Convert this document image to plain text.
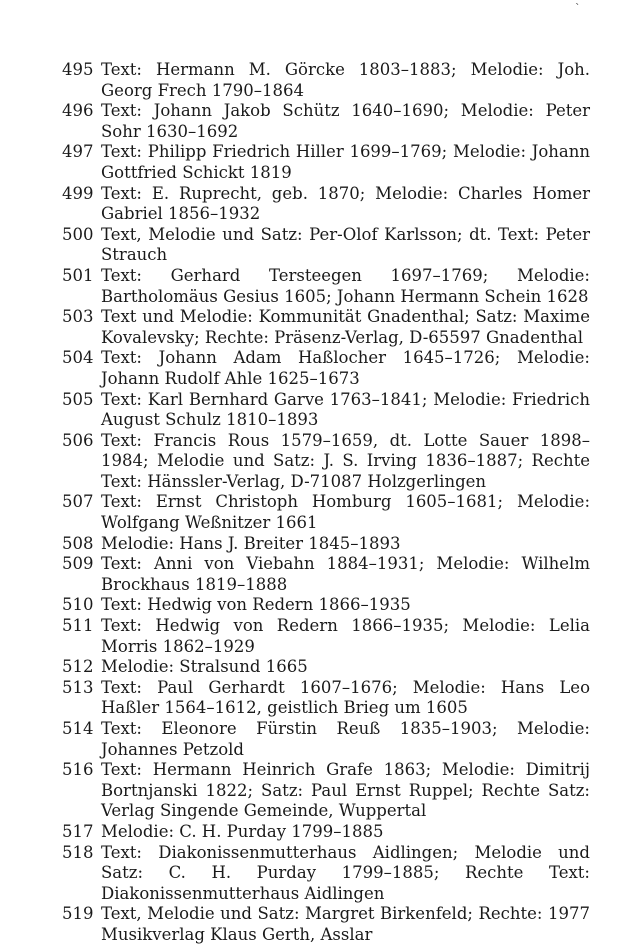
`
495 Text: Hermann M. Görcke 1803–1883; Melodie: Joh. Georg Frech 1790–1864
496 Text: Johann Jakob Schütz 1640–1690; Melodie: Peter Sohr 1630–1692
497 Text: Philipp Friedrich Hiller 1699–1769; Melodie: Johann Gottfried Schickt 1819
499 Text: E. Ruprecht, geb. 1870; Melodie: Charles Homer Gabriel 1856–1932
500 Text, Melodie und Satz: Per-Olof Karlsson; dt. Text: Peter Strauch
501 Text: Gerhard Tersteegen 1697–1769; Melodie: Bartholomäus Gesius 1605; Johann Hermann Schein 1628
503 Text und Melodie: Kommunität Gnadenthal; Satz: Maxime Kovalevsky; Rechte: Präsenz-Verlag, D-65597 Gnadenthal
504 Text: Johann Adam Haßlocher 1645–1726; Melodie: Johann Rudolf Ahle 1625–1673
505 Text: Karl Bernhard Garve 1763–1841; Melodie: Friedrich August Schulz 1810–1893
506 Text: Francis Rous 1579–1659, dt. Lotte Sauer 1898–1984; Melodie und Satz: J. S. Irving 1836–1887; Rechte Text: Hänssler-Verlag, D-71087 Holzgerlingen
507 Text: Ernst Christoph Homburg 1605–1681; Melodie: Wolfgang Weßnitzer 1661
508 Melodie: Hans J. Breiter 1845–1893
509 Text: Anni von Viebahn 1884–1931; Melodie: Wilhelm Brockhaus 1819–1888
510 Text: Hedwig von Redern 1866–1935
511 Text: Hedwig von Redern 1866–1935; Melodie: Lelia Morris 1862–1929
512 Melodie: Stralsund 1665
513 Text: Paul Gerhardt 1607–1676; Melodie: Hans Leo Haßler 1564–1612, geistlich Brieg um 1605
514 Text: Eleonore Fürstin Reuß 1835–1903; Melodie: Johannes Petzold
516 Text: Hermann Heinrich Grafe 1863; Melodie: Dimitrij Bortnjanski 1822; Satz: Paul Ernst Ruppel; Rechte Satz: Verlag Singende Gemeinde, Wuppertal
517 Melodie: C. H. Purday 1799–1885
518 Text: Diakonissenmutterhaus Aidlingen; Melodie und Satz: C. H. Purday 1799–1885; Rechte Text: Diakonissenmutterhaus Aidlingen
519 Text, Melodie und Satz: Margret Birkenfeld; Rechte: 1977 Musikverlag Klaus Gerth, Asslar
